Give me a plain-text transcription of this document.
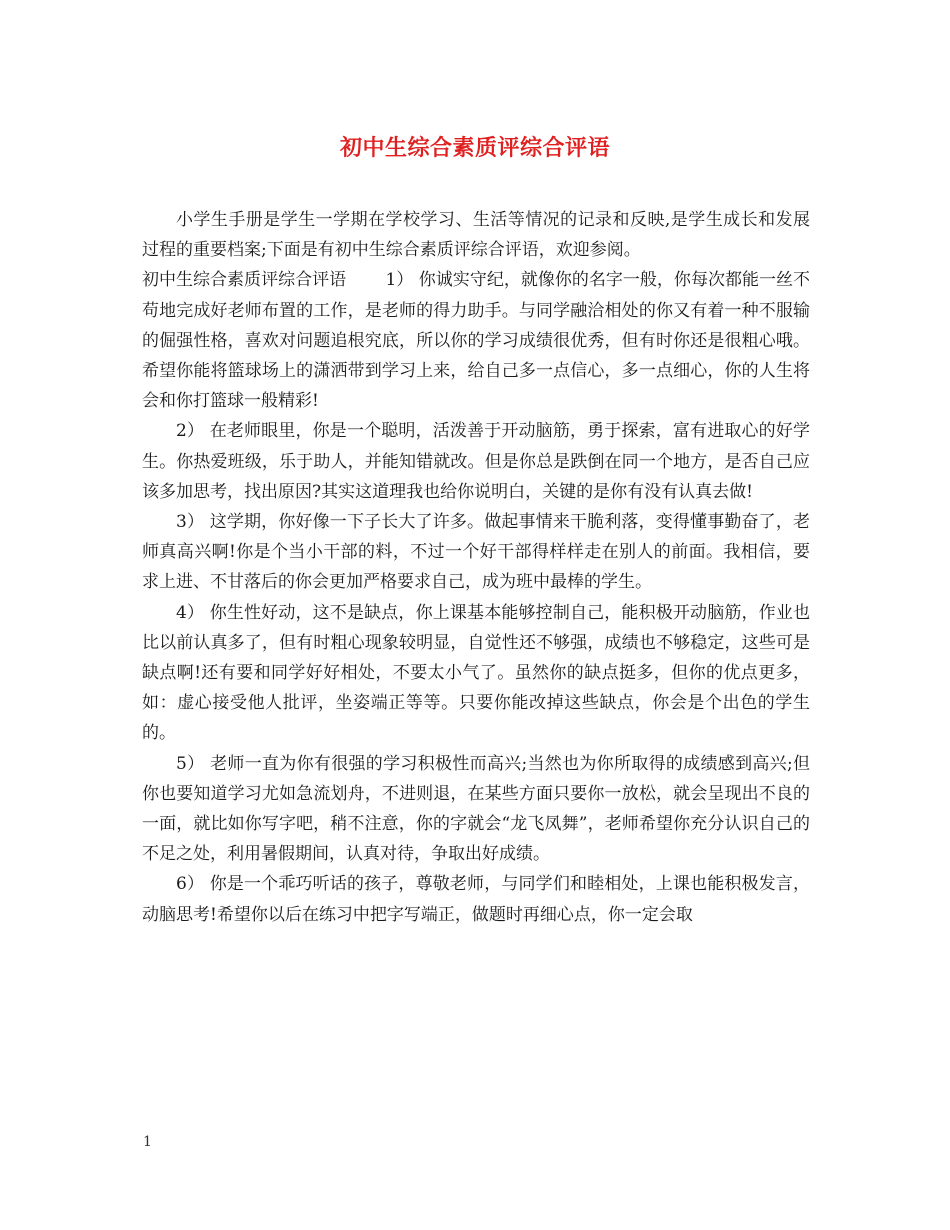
初中生综合素质评综合评语

小学生手册是学生一学期在学校学习、生活等情况的记录和反映,是学生成长和发展过程的重要档案;下面是有初中生综合素质评综合评语，欢迎参阅。

初中生综合素质评综合评语　　 1） 你诚实守纪，就像你的名字一般，你每次都能一丝不苟地完成好老师布置的工作，是老师的得力助手。与同学融洽相处的你又有着一种不服输的倔强性格，喜欢对问题追根究底，所以你的学习成绩很优秀，但有时你还是很粗心哦。希望你能将篮球场上的潇洒带到学习上来，给自己多一点信心，多一点细心，你的人生将会和你打篮球一般精彩!

2） 在老师眼里，你是一个聪明，活泼善于开动脑筋，勇于探索，富有进取心的好学生。你热爱班级，乐于助人，并能知错就改。但是你总是跌倒在同一个地方，是否自己应该多加思考，找出原因?其实这道理我也给你说明白，关键的是你有没有认真去做!

3） 这学期，你好像一下子长大了许多。做起事情来干脆利落，变得懂事勤奋了，老师真高兴啊!你是个当小干部的料，不过一个好干部得样样走在别人的前面。我相信，要求上进、不甘落后的你会更加严格要求自己，成为班中最棒的学生。

4） 你生性好动，这不是缺点，你上课基本能够控制自己，能积极开动脑筋，作业也比以前认真多了，但有时粗心现象较明显，自觉性还不够强，成绩也不够稳定，这些可是缺点啊!还有要和同学好好相处，不要太小气了。虽然你的缺点挺多，但你的优点更多，如：虚心接受他人批评，坐姿端正等等。只要你能改掉这些缺点，你会是个出色的学生的。

5） 老师一直为你有很强的学习积极性而高兴;当然也为你所取得的成绩感到高兴;但你也要知道学习尤如急流划舟，不进则退，在某些方面只要你一放松，就会呈现出不良的一面，就比如你写字吧，稍不注意，你的字就会“龙飞凤舞”，老师希望你充分认识自己的不足之处，利用暑假期间，认真对待，争取出好成绩。

6） 你是一个乖巧听话的孩子，尊敬老师，与同学们和睦相处，上课也能积极发言，动脑思考!希望你以后在练习中把字写端正，做题时再细心点，你一定会取

1
